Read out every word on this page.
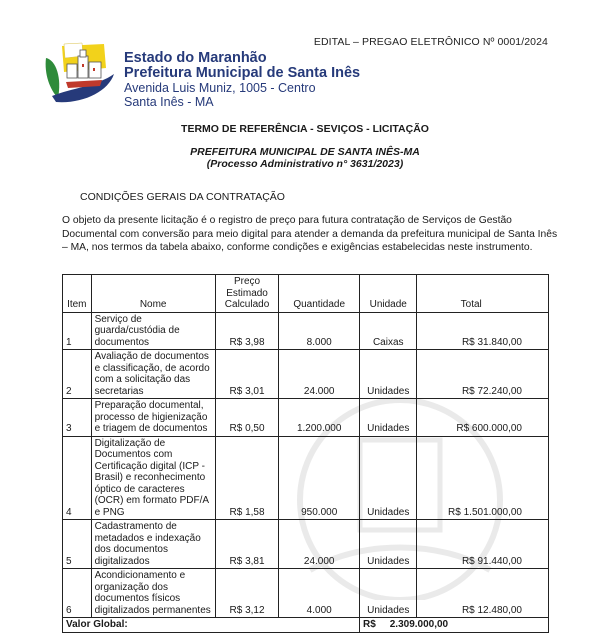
EDITAL – PREGAO ELETRÔNICO Nº 0001/2024
Estado do Maranhão
Prefeitura Municipal de Santa Inês
Avenida Luis Muniz, 1005 - Centro
Santa Inês - MA
TERMO DE REFERÊNCIA - SEVIÇOS - LICITAÇÃO
PREFEITURA MUNICIPAL DE SANTA INÊS-MA
(Processo Administrativo n° 3631/2023)
CONDIÇÕES GERAIS DA CONTRATAÇÃO
O objeto da presente licitação é o registro de preço para futura contratação de Serviços de Gestão Documental com conversão para meio digital para atender a demanda da prefeitura municipal de Santa Inês – MA, nos termos da tabela abaixo, conforme condições e exigências estabelecidas neste instrumento.
Item	Nome	Preço Estimado Calculado	Quantidade	Unidade	Total
1	Serviço de guarda/custódia de documentos	R$ 3,98	8.000	Caixas	R$ 31.840,00
2	Avaliação de documentos e classificação, de acordo com a solicitação das secretarias	R$ 3,01	24.000	Unidades	R$ 72.240,00
3	Preparação documental, processo de higienização e triagem de documentos	R$ 0,50	1.200.000	Unidades	R$ 600.000,00
4	Digitalização de Documentos com Certificação digital (ICP - Brasil) e reconhecimento óptico de caracteres (OCR) em formato PDF/A e PNG	R$ 1,58	950.000	Unidades	R$ 1.501.000,00
5	Cadastramento de metadados e indexação dos documentos digitalizados	R$ 3,81	24.000	Unidades	R$ 91.440,00
6	Acondicionamento e organização dos documentos físicos digitalizados permanentes	R$ 3,12	4.000	Unidades	R$ 12.480,00
Valor Global:				R$ 2.309.000,00	
